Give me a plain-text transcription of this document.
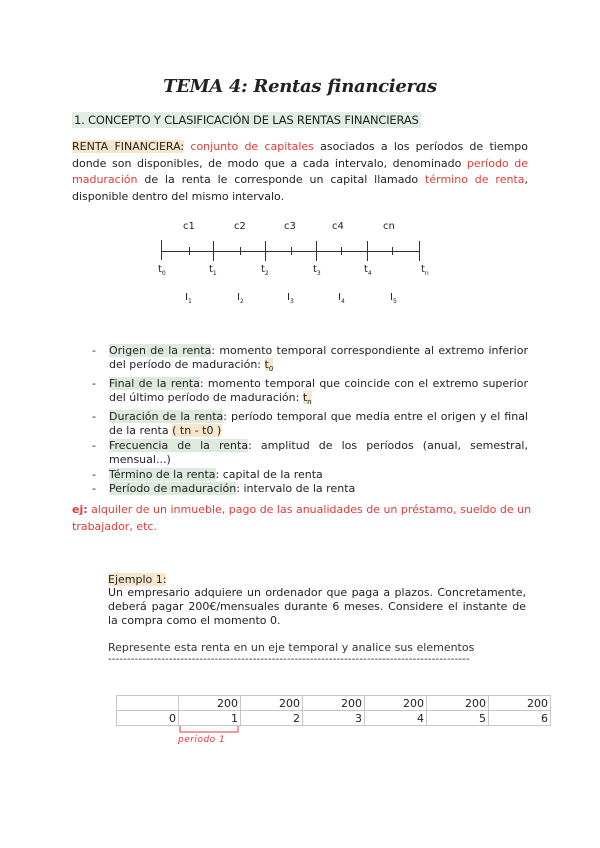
TEMA 4: Rentas financieras
1. CONCEPTO Y CLASIFICACIÓN DE LAS RENTAS FINANCIERAS
RENTA FINANCIERA: conjunto de capitales asociados a los períodos de tiempo donde son disponibles, de modo que a cada intervalo, denominado período de maduración de la renta le corresponde un capital llamado término de renta, disponible dentro del mismo intervalo.
c1	c2	c3	c4	cn
$t_0$	$t_1$	$t_2$	$t_3$	$t_4$	$t_n$
$I_1$	$I_2$	$I_3$	$I_4$	$I_5$
- Origen de la renta: momento temporal correspondiente al extremo inferior del período de maduración: $t_0$
- Final de la renta: momento temporal que coincide con el extremo superior del último período de maduración: $t_n$
- Duración de la renta: período temporal que media entre el origen y el final de la renta ( tn - t0 )
- Frecuencia de la renta: amplitud de los períodos (anual, semestral, mensual...)
- Término de la renta: capital de la renta
- Período de maduración: intervalo de la renta
ej: alquiler de un inmueble, pago de las anualidades de un préstamo, sueldo de un trabajador, etc.
Ejemplo 1:
Un empresario adquiere un ordenador que paga a plazos. Concretamente, deberá pagar 200€/mensuales durante 6 meses. Considere el instante de la compra como el momento 0.
Represente esta renta en un eje temporal y analice sus elementos
-----------------------------------------------------------------------------------------------
	200	200	200	200	200	200
0	1	2	3	4	5	6
periodo 1
